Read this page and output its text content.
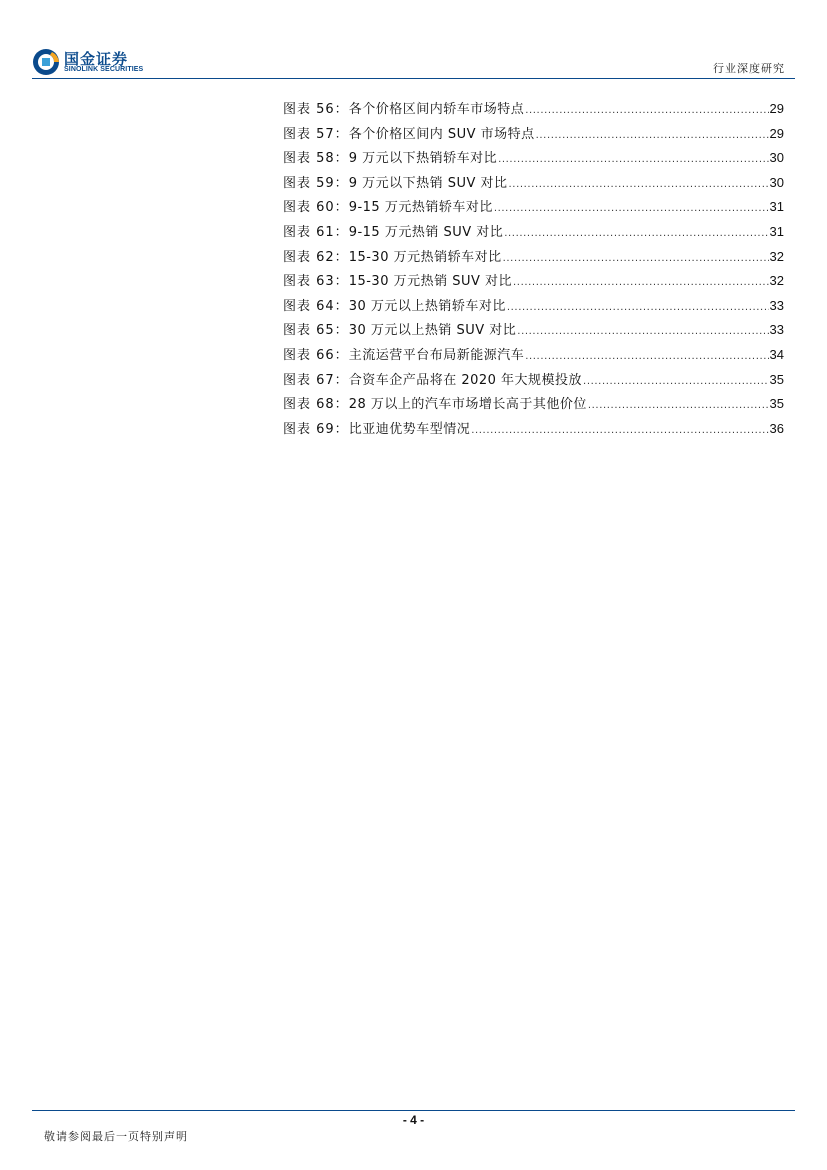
国金证券
SINOLINK SECURITIES	行业深度研究
图表 56： 各个价格区间内轿车市场特点 .....	29
图表 57： 各个价格区间内 SUV 市场特点 .....	29
图表 58： 9 万元以下热销轿车对比 .....	30
图表 59： 9 万元以下热销 SUV 对比 .....	30
图表 60： 9-15 万元热销轿车对比 .....	31
图表 61： 9-15 万元热销 SUV 对比 .....	31
图表 62： 15-30 万元热销轿车对比 .....	32
图表 63： 15-30 万元热销 SUV 对比 .....	32
图表 64： 30 万元以上热销轿车对比 .....	33
图表 65： 30 万元以上热销 SUV 对比 .....	33
图表 66： 主流运营平台布局新能源汽车 .....	34
图表 67： 合资车企产品将在 2020 年大规模投放 .....	35
图表 68： 28 万以上的汽车市场增长高于其他价位 .....	35
图表 69： 比亚迪优势车型情况 .....	36
- 4 -
敬请参阅最后一页特别声明
